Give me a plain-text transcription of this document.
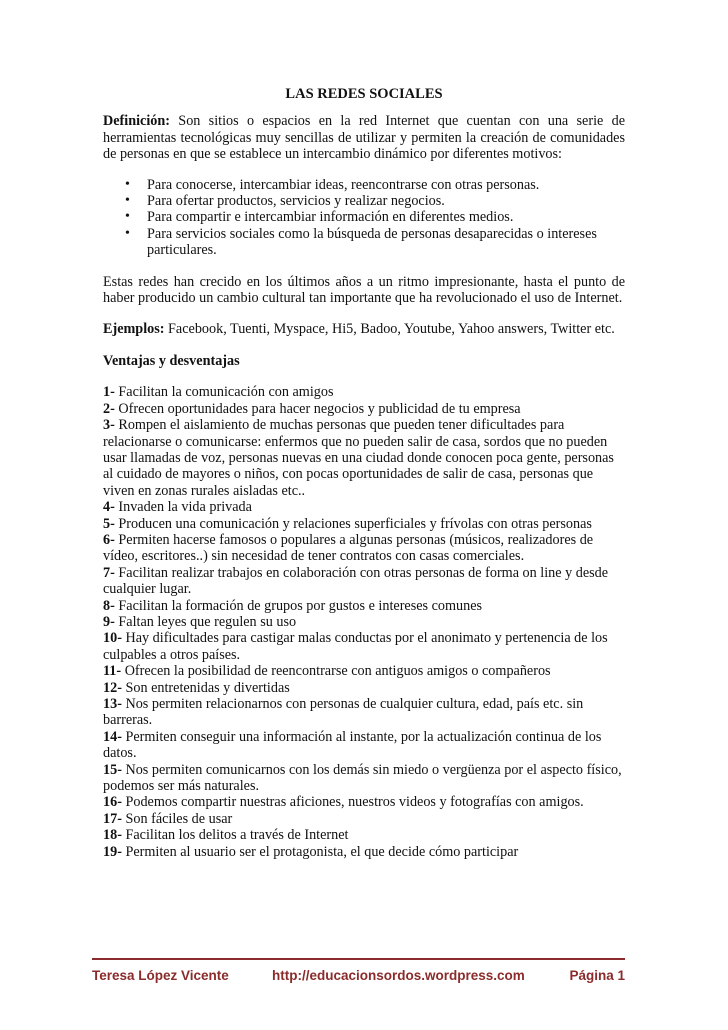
LAS REDES SOCIALES

Definición: Son sitios o espacios en la red Internet que cuentan con una serie de herramientas tecnológicas muy sencillas de utilizar y permiten la creación de comunidades de personas en que se establece un intercambio dinámico por diferentes motivos:

• Para conocerse, intercambiar ideas, reencontrarse con otras personas.
• Para ofertar productos, servicios y realizar negocios.
• Para compartir e intercambiar información en diferentes medios.
• Para servicios sociales como la búsqueda de personas desaparecidas o intereses particulares.

Estas redes han crecido en los últimos años a un ritmo impresionante, hasta el punto de haber producido un cambio cultural tan importante que ha revolucionado el uso de Internet.

Ejemplos: Facebook, Tuenti, Myspace, Hi5, Badoo, Youtube, Yahoo answers, Twitter etc.

Ventajas y desventajas

1- Facilitan la comunicación con amigos

2- Ofrecen oportunidades para hacer negocios y publicidad de tu empresa

3- Rompen el aislamiento de muchas personas que pueden tener dificultades para relacionarse o comunicarse: enfermos que no pueden salir de casa, sordos que no pueden usar llamadas de voz, personas nuevas en una ciudad donde conocen poca gente, personas al cuidado de mayores o niños, con pocas oportunidades de salir de casa, personas que viven en zonas rurales aisladas etc..

4- Invaden la vida privada

5- Producen una comunicación y relaciones superficiales y frívolas con otras personas

6- Permiten hacerse famosos o populares a algunas personas (músicos, realizadores de vídeo, escritores..) sin necesidad de tener contratos con casas comerciales.

7- Facilitan realizar trabajos en colaboración con otras personas de forma on line y desde cualquier lugar.

8- Facilitan la formación de grupos por gustos e intereses comunes

9- Faltan leyes que regulen su uso

10- Hay dificultades para castigar malas conductas por el anonimato y pertenencia de los culpables a otros países.

11- Ofrecen la posibilidad de reencontrarse con antiguos amigos o compañeros

12- Son entretenidas y divertidas

13- Nos permiten relacionarnos con personas de cualquier cultura, edad, país etc. sin barreras.

14- Permiten conseguir una información al instante, por la actualización continua de los datos.

15- Nos permiten comunicarnos con los demás sin miedo o vergüenza por el aspecto físico, podemos ser más naturales.

16- Podemos compartir nuestras aficiones, nuestros videos y fotografías con amigos.

17- Son fáciles de usar

18- Facilitan los delitos a través de Internet

19- Permiten al usuario ser el protagonista, el que decide cómo participar

Teresa López Vicente	http://educacionsordos.wordpress.com	Página 1
